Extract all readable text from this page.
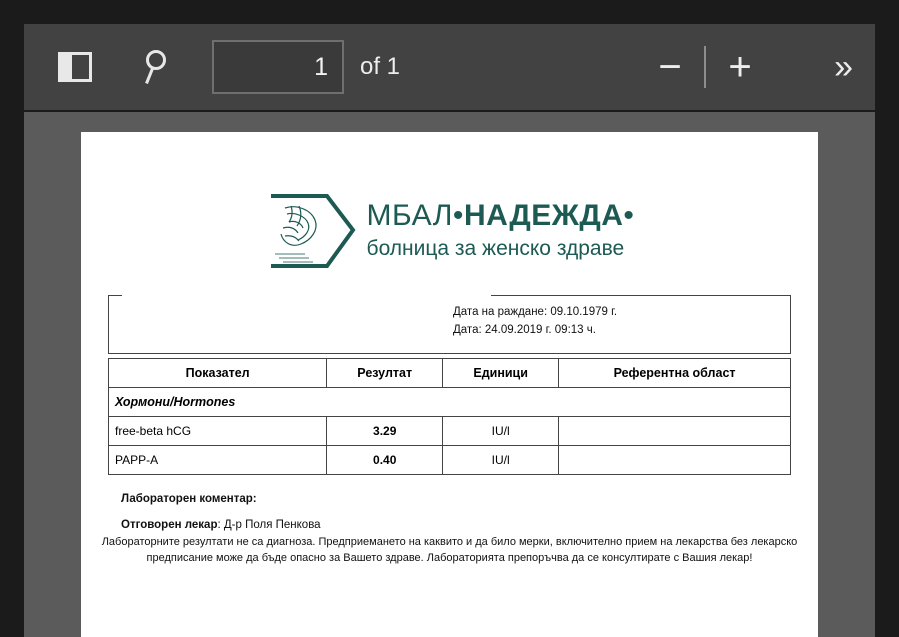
1
of 1	−	+	»
МБАЛ•НАДЕЖДА•
болница за женско здраве
Дата на раждане: 09.10.1979 г.
Дата: 24.09.2019 г. 09:13 ч.
Показател	Резултат	Единици	Референтна област
Хормони/Hormones			
free-beta hCG	3.29	IU/l	
PAPP-A	0.40	IU/l	
Лабораторен коментар:
Отговорен лекар: Д-р Поля Пенкова
Лабораторните резултати не са диагноза. Предприемането на каквито и да било мерки, включително прием на лекарства без лекарско предписание може да бъде опасно за Вашето здраве. Лабораторията препоръчва да се консултирате с Вашия лекар!
